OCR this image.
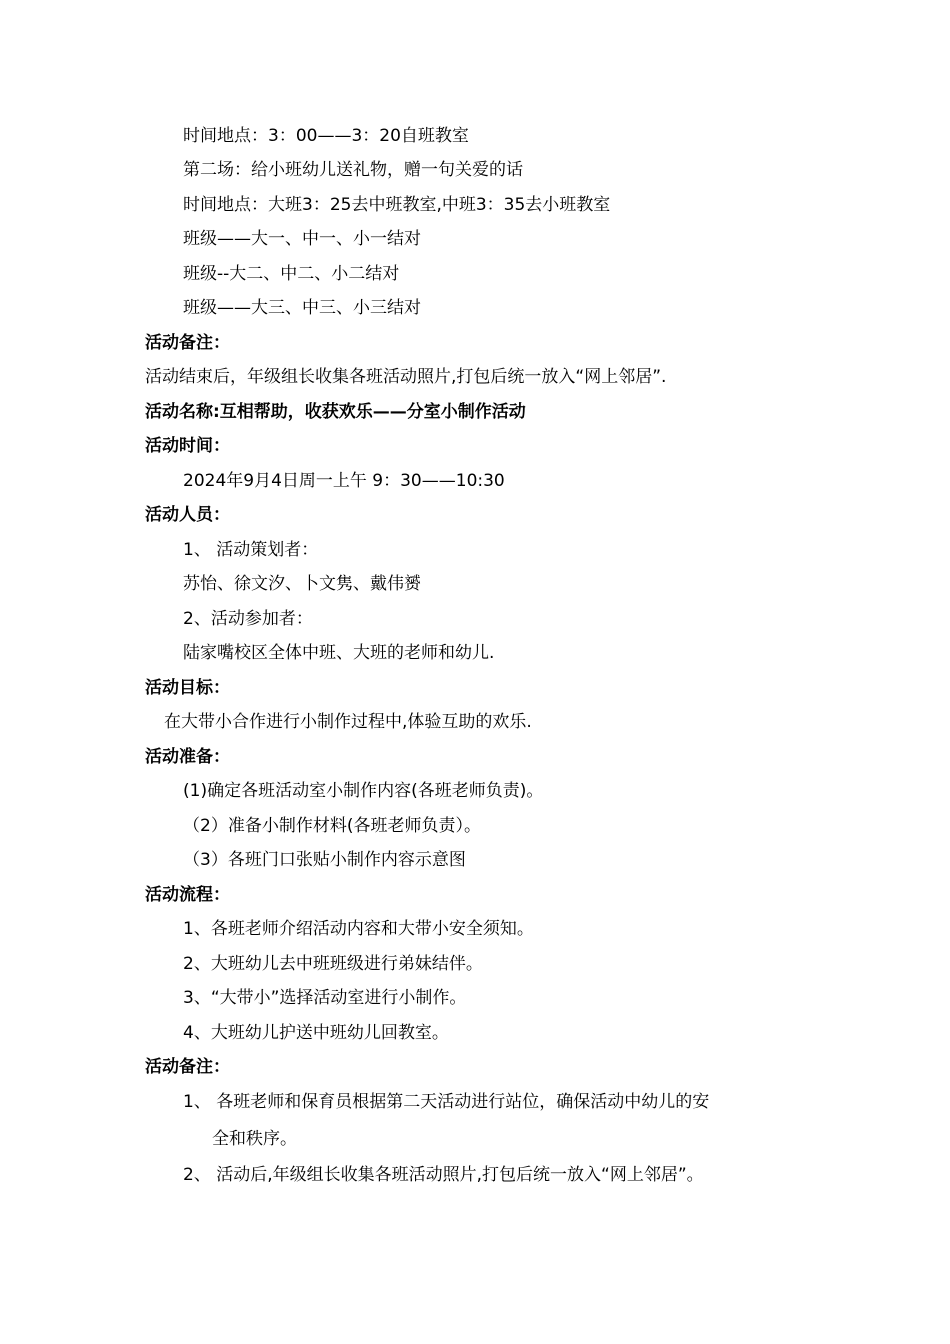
时间地点：3：00——3：20自班教室
第二场：给小班幼儿送礼物，赠一句关爱的话
时间地点：大班3：25去中班教室,中班3：35去小班教室
班级——大一、中一、小一结对
班级--大二、中二、小二结对
班级——大三、中三、小三结对
活动备注：
活动结束后，年级组长收集各班活动照片,打包后统一放入“网上邻居”.
活动名称:互相帮助，收获欢乐——分室小制作活动
活动时间：
2024年9月4日周一上午 9：30——10:30
活动人员：
1、 活动策划者：
苏怡、徐文汐、卜文隽、戴伟赟
2、活动参加者：
陆家嘴校区全体中班、大班的老师和幼儿.
活动目标：
在大带小合作进行小制作过程中,体验互助的欢乐.
活动准备：
(1)确定各班活动室小制作内容(各班老师负责)。
（2）准备小制作材料(各班老师负责）。
（3）各班门口张贴小制作内容示意图
活动流程：
1、各班老师介绍活动内容和大带小安全须知。
2、大班幼儿去中班班级进行弟妹结伴。
3、“大带小”选择活动室进行小制作。
4、大班幼儿护送中班幼儿回教室。
活动备注：
1、 各班老师和保育员根据第二天活动进行站位，确保活动中幼儿的安
全和秩序。
2、 活动后,年级组长收集各班活动照片,打包后统一放入“网上邻居”。
